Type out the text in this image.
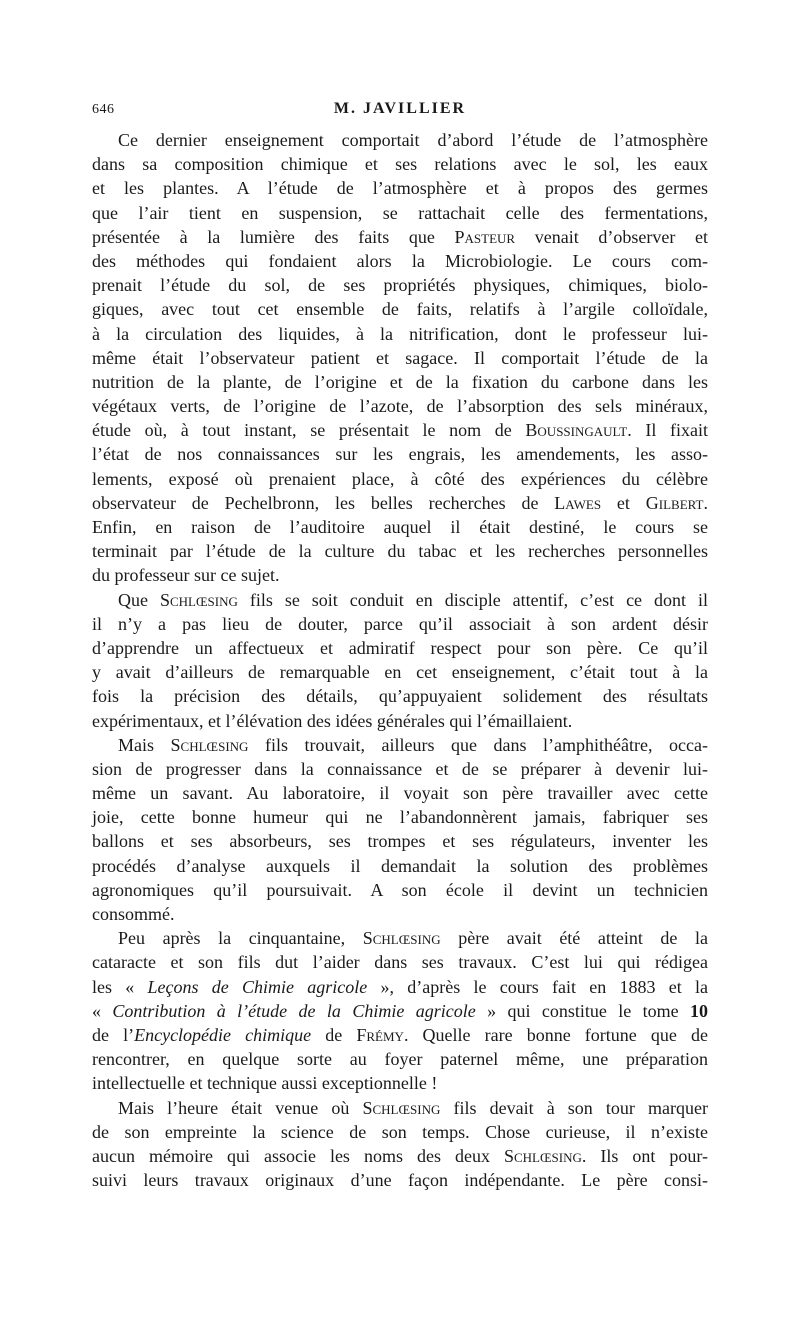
646	M. JAVILLIER
Ce dernier enseignement comportait d’abord l’étude de l’atmosphère
dans sa composition chimique et ses relations avec le sol, les eaux
et les plantes. A l’étude de l’atmosphère et à propos des germes
que l’air tient en suspension, se rattachait celle des fermentations,
présentée à la lumière des faits que Pasteur venait d’observer et
des méthodes qui fondaient alors la Microbiologie. Le cours com-
prenait l’étude du sol, de ses propriétés physiques, chimiques, biolo-
giques, avec tout cet ensemble de faits, relatifs à l’argile colloïdale,
à la circulation des liquides, à la nitrification, dont le professeur lui-
même était l’observateur patient et sagace. Il comportait l’étude de la
nutrition de la plante, de l’origine et de la fixation du carbone dans les
végétaux verts, de l’origine de l’azote, de l’absorption des sels minéraux,
étude où, à tout instant, se présentait le nom de Boussingault. Il fixait
l’état de nos connaissances sur les engrais, les amendements, les asso-
lements, exposé où prenaient place, à côté des expériences du célèbre
observateur de Pechelbronn, les belles recherches de Lawes et Gilbert.
Enfin, en raison de l’auditoire auquel il était destiné, le cours se
terminait par l’étude de la culture du tabac et les recherches personnelles
du professeur sur ce sujet.
Que Schlœsing fils se soit conduit en disciple attentif, c’est ce dont il
il n’y a pas lieu de douter, parce qu’il associait à son ardent désir
d’apprendre un affectueux et admiratif respect pour son père. Ce qu’il
y avait d’ailleurs de remarquable en cet enseignement, c’était tout à la
fois la précision des détails, qu’appuyaient solidement des résultats
expérimentaux, et l’élévation des idées générales qui l’émaillaient.
Mais Schlœsing fils trouvait, ailleurs que dans l’amphithéâtre, occa-
sion de progresser dans la connaissance et de se préparer à devenir lui-
même un savant. Au laboratoire, il voyait son père travailler avec cette
joie, cette bonne humeur qui ne l’abandonnèrent jamais, fabriquer ses
ballons et ses absorbeurs, ses trompes et ses régulateurs, inventer les
procédés d’analyse auxquels il demandait la solution des problèmes
agronomiques qu’il poursuivait. A son école il devint un technicien
consommé.
Peu après la cinquantaine, Schlœsing père avait été atteint de la
cataracte et son fils dut l’aider dans ses travaux. C’est lui qui rédigea
les « Leçons de Chimie agricole », d’après le cours fait en 1883 et la
« Contribution à l’étude de la Chimie agricole » qui constitue le tome 10
de l’Encyclopédie chimique de Frémy. Quelle rare bonne fortune que de
rencontrer, en quelque sorte au foyer paternel même, une préparation
intellectuelle et technique aussi exceptionnelle !
Mais l’heure était venue où Schlœsing fils devait à son tour marquer
de son empreinte la science de son temps. Chose curieuse, il n’existe
aucun mémoire qui associe les noms des deux Schlœsing. Ils ont pour-
suivi leurs travaux originaux d’une façon indépendante. Le père consi-
